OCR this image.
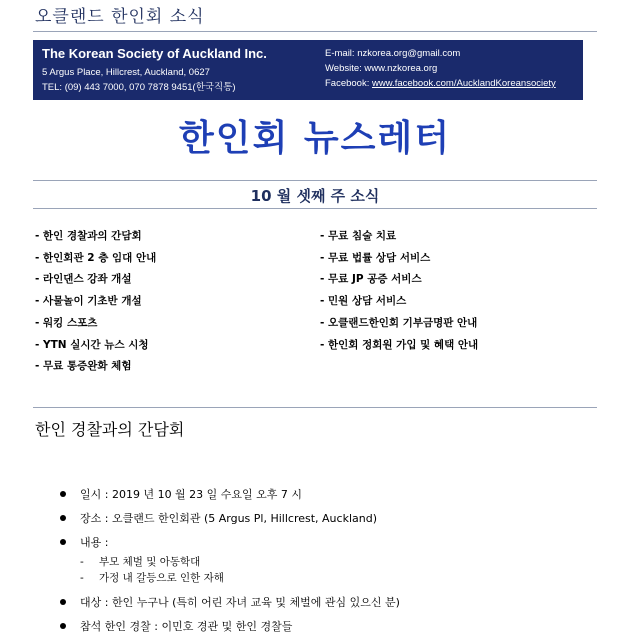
오클랜드 한인회 소식
The Korean Society of Auckland Inc.
5 Argus Place, Hillcrest, Auckland, 0627
TEL: (09) 443 7000, 070 7878 9451(한국직통)
E-mail: nzkorea.org@gmail.com
Website: www.nzkorea.org
Facebook: www.facebook.com/AucklandKoreansociety
한인회 뉴스레터
10 월 셋째 주 소식
- 한인 경찰과의 간담회
- 한인회관 2 층 임대 안내
- 라인댄스 강좌 개설
- 사물놀이 기초반 개설
- 워킹 스포츠
- YTN 실시간 뉴스 시청
- 무료 통증완화 체험
- 무료 침술 치료
- 무료 법률 상담 서비스
- 무료 JP 공증 서비스
- 민원 상담 서비스
- 오클랜드한인회 기부금명판 안내
- 한인회 정회원 가입 및 혜택 안내
한인 경찰과의 간담회
일시 : 2019 년 10 월 23 일 수요일 오후 7 시
장소 : 오클랜드 한인회관 (5 Argus Pl, Hillcrest, Auckland)
내용 :
- 부모 체벌 및 아동학대
- 가정 내 갈등으로 인한 자해
대상 : 한인 누구나 (특히 어린 자녀 교육 및 체벌에 관심 있으신 분)
참석 한인 경찰 : 이민호 경관 및 한인 경찰들
